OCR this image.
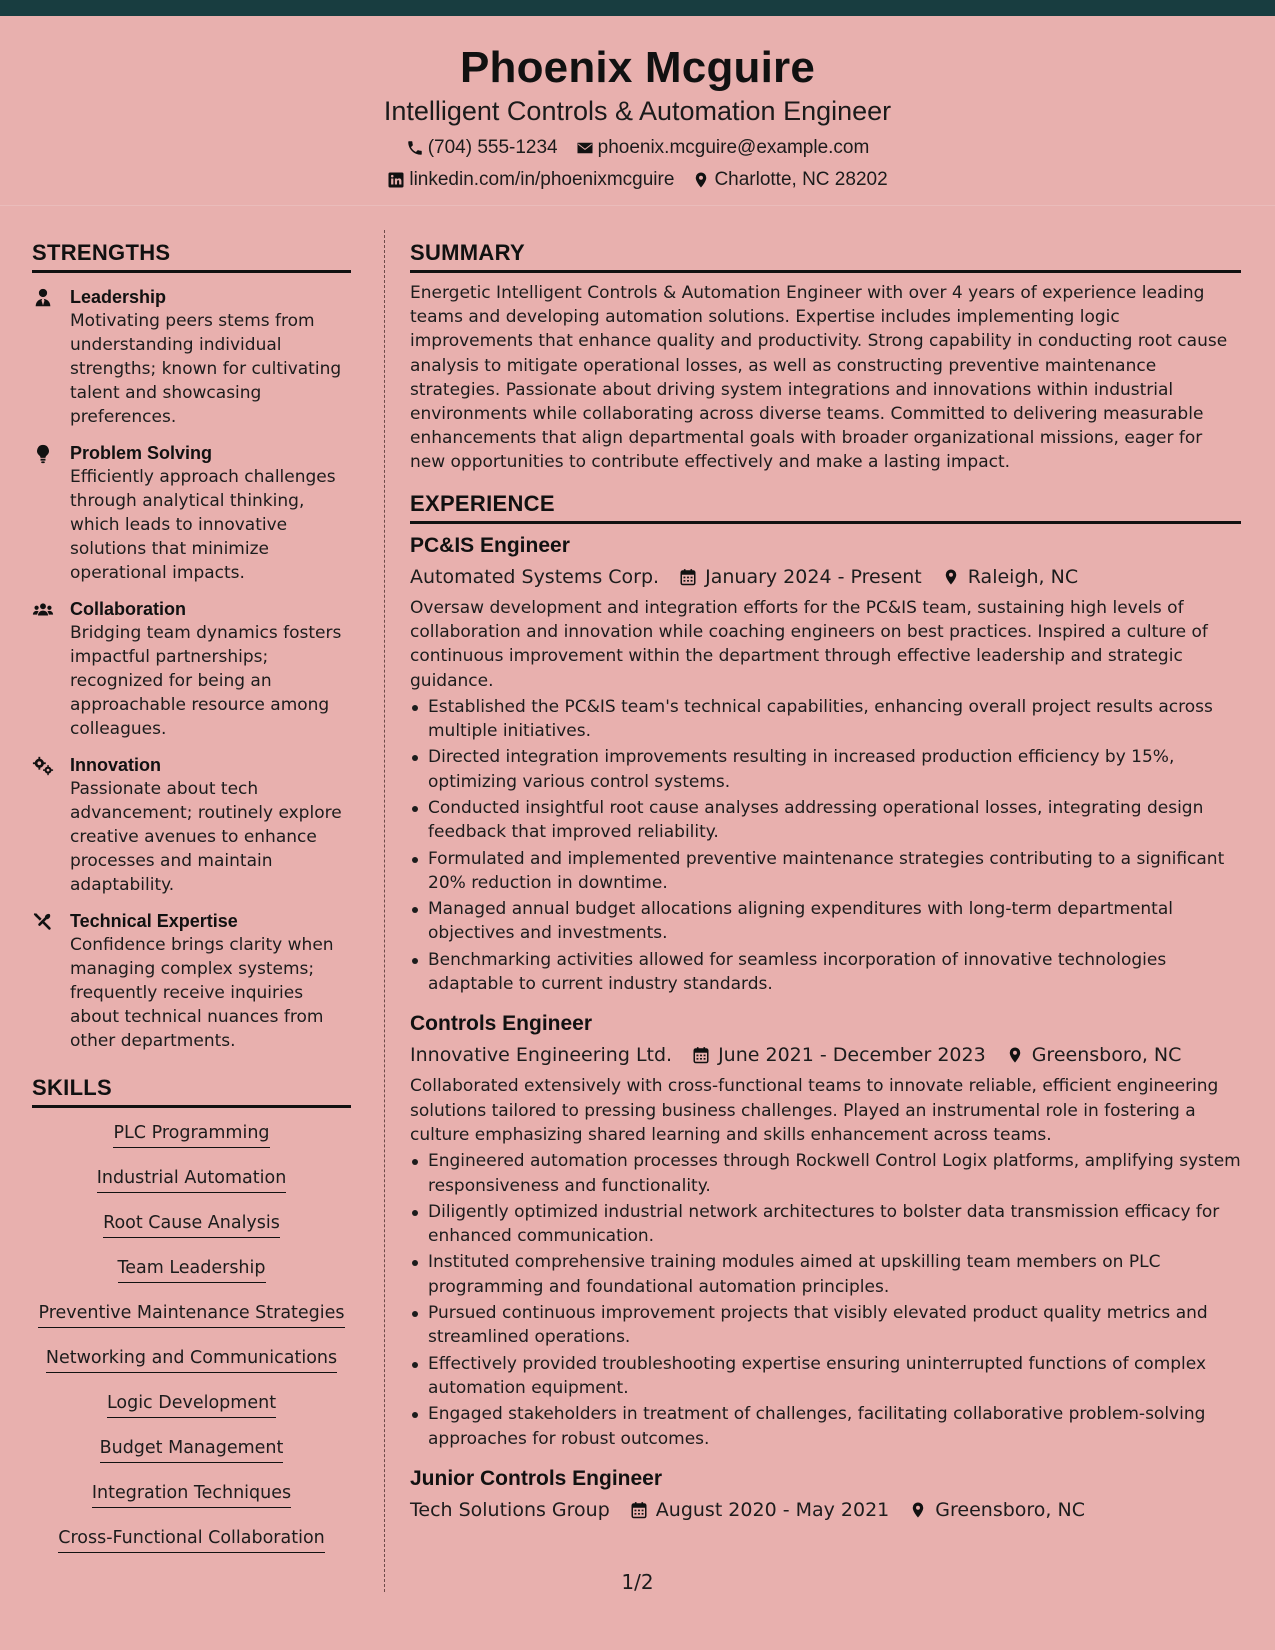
Phoenix Mcguire
Intelligent Controls & Automation Engineer
(704) 555-1234 phoenix.mcguire@example.com
linkedin.com/in/phoenixmcguire Charlotte, NC 28202
STRENGTHS
Leadership
Motivating peers stems from understanding individual strengths; known for cultivating talent and showcasing preferences.
Problem Solving
Efficiently approach challenges through analytical thinking, which leads to innovative solutions that minimize operational impacts.
Collaboration
Bridging team dynamics fosters impactful partnerships; recognized for being an approachable resource among colleagues.
Innovation
Passionate about tech advancement; routinely explore creative avenues to enhance processes and maintain adaptability.
Technical Expertise
Confidence brings clarity when managing complex systems; frequently receive inquiries about technical nuances from other departments.
SKILLS
PLC Programming
Industrial Automation
Root Cause Analysis
Team Leadership
Preventive Maintenance Strategies
Networking and Communications
Logic Development
Budget Management
Integration Techniques
Cross-Functional Collaboration
SUMMARY
Energetic Intelligent Controls & Automation Engineer with over 4 years of experience leading teams and developing automation solutions. Expertise includes implementing logic improvements that enhance quality and productivity. Strong capability in conducting root cause analysis to mitigate operational losses, as well as constructing preventive maintenance strategies. Passionate about driving system integrations and innovations within industrial environments while collaborating across diverse teams. Committed to delivering measurable enhancements that align departmental goals with broader organizational missions, eager for new opportunities to contribute effectively and make a lasting impact.
EXPERIENCE
PC&IS Engineer
Automated Systems Corp. January 2024 - Present Raleigh, NC
Oversaw development and integration efforts for the PC&IS team, sustaining high levels of collaboration and innovation while coaching engineers on best practices. Inspired a culture of continuous improvement within the department through effective leadership and strategic guidance.
Established the PC&IS team's technical capabilities, enhancing overall project results across multiple initiatives.
Directed integration improvements resulting in increased production efficiency by 15%, optimizing various control systems.
Conducted insightful root cause analyses addressing operational losses, integrating design feedback that improved reliability.
Formulated and implemented preventive maintenance strategies contributing to a significant 20% reduction in downtime.
Managed annual budget allocations aligning expenditures with long-term departmental objectives and investments.
Benchmarking activities allowed for seamless incorporation of innovative technologies adaptable to current industry standards.
Controls Engineer
Innovative Engineering Ltd. June 2021 - December 2023 Greensboro, NC
Collaborated extensively with cross-functional teams to innovate reliable, efficient engineering solutions tailored to pressing business challenges. Played an instrumental role in fostering a culture emphasizing shared learning and skills enhancement across teams.
Engineered automation processes through Rockwell Control Logix platforms, amplifying system responsiveness and functionality.
Diligently optimized industrial network architectures to bolster data transmission efficacy for enhanced communication.
Instituted comprehensive training modules aimed at upskilling team members on PLC programming and foundational automation principles.
Pursued continuous improvement projects that visibly elevated product quality metrics and streamlined operations.
Effectively provided troubleshooting expertise ensuring uninterrupted functions of complex automation equipment.
Engaged stakeholders in treatment of challenges, facilitating collaborative problem-solving approaches for robust outcomes.
Junior Controls Engineer
Tech Solutions Group August 2020 - May 2021 Greensboro, NC
1/2
